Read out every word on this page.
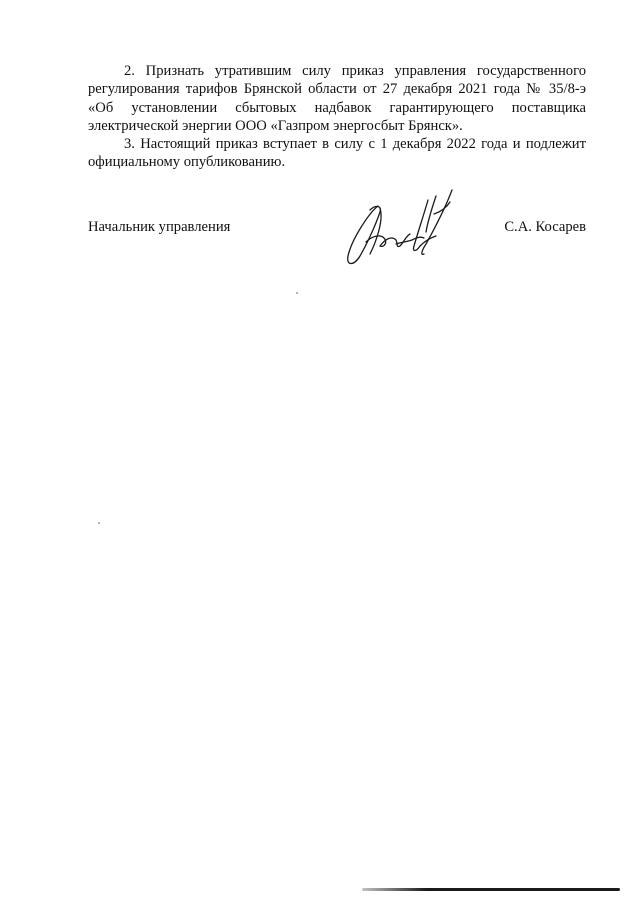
2. Признать утратившим силу приказ управления государственного регулирования тарифов Брянской области от 27 декабря 2021 года № 35/8-э «Об установлении сбытовых надбавок гарантирующего поставщика электрической энергии ООО «Газпром энергосбыт Брянск».

3. Настоящий приказ вступает в силу с 1 декабря 2022 года и подлежит официальному опубликованию.

Начальник управления	С.А. Косарев
